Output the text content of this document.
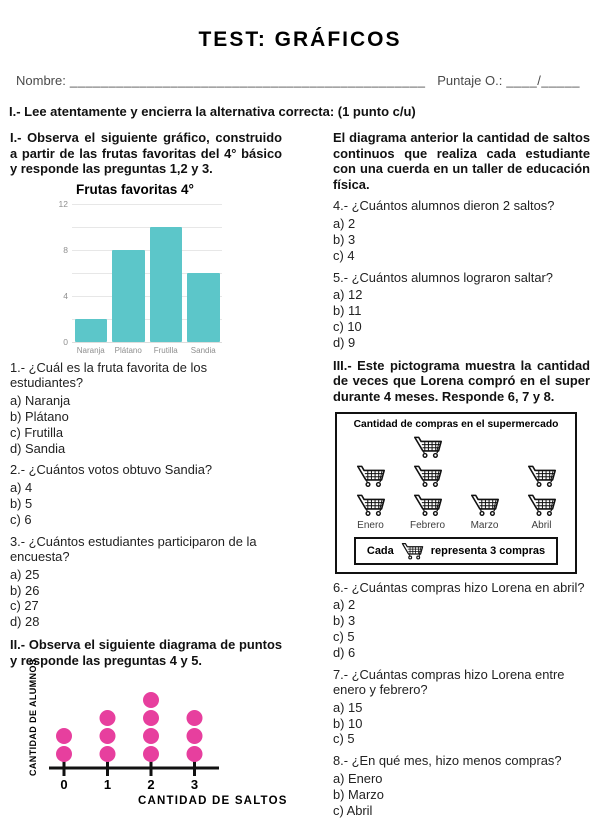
TEST: GRÁFICOS
Nombre: ______________________________________________ Puntaje O.: ____/_____
I.- Lee atentamente y encierra la alternativa correcta: (1 punto c/u)

I.- Observa el siguiente gráfico, construido a partir de las frutas favoritas del 4° básico y responde las preguntas 1,2 y 3.

Frutas favoritas 4°
0
4
8
12
Naranja Plátano Frutilla Sandia
1.- ¿Cuál es la fruta favorita de los estudiantes?
a) Naranja
b) Plátano
c) Frutilla
d) Sandia
2.- ¿Cuántos votos obtuvo Sandia?
a) 4
b) 5
c) 6
3.- ¿Cuántos estudiantes participaron de la encuesta?
a) 25
b) 26
c) 27
d) 28

II.- Observa el siguiente diagrama de puntos y responde las preguntas 4 y 5.

CANTIDAD DE ALUMNOS
0	1	2	3
CANTIDAD DE SALTOS

El diagrama anterior la cantidad de saltos continuos que realiza cada estudiante con una cuerda en un taller de educación física.

4.- ¿Cuántos alumnos dieron 2 saltos?
a) 2
b) 3
c) 4
5.- ¿Cuántos alumnos lograron saltar?
a) 12
b) 11
c) 10
d) 9

III.- Este pictograma muestra la cantidad de veces que Lorena compró en el super durante 4 meses. Responde 6, 7 y 8.

Cantidad de compras en el supermercado
Enero	Febrero	Marzo	Abril
Cada	representa 3 compras
6.- ¿Cuántas compras hizo Lorena en abril?
a) 2
b) 3
c) 5
d) 6
7.- ¿Cuántas compras hizo Lorena entre enero y febrero?
a) 15
b) 10
c) 5
8.- ¿En qué mes, hizo menos compras?
a) Enero
b) Marzo
c) Abril
